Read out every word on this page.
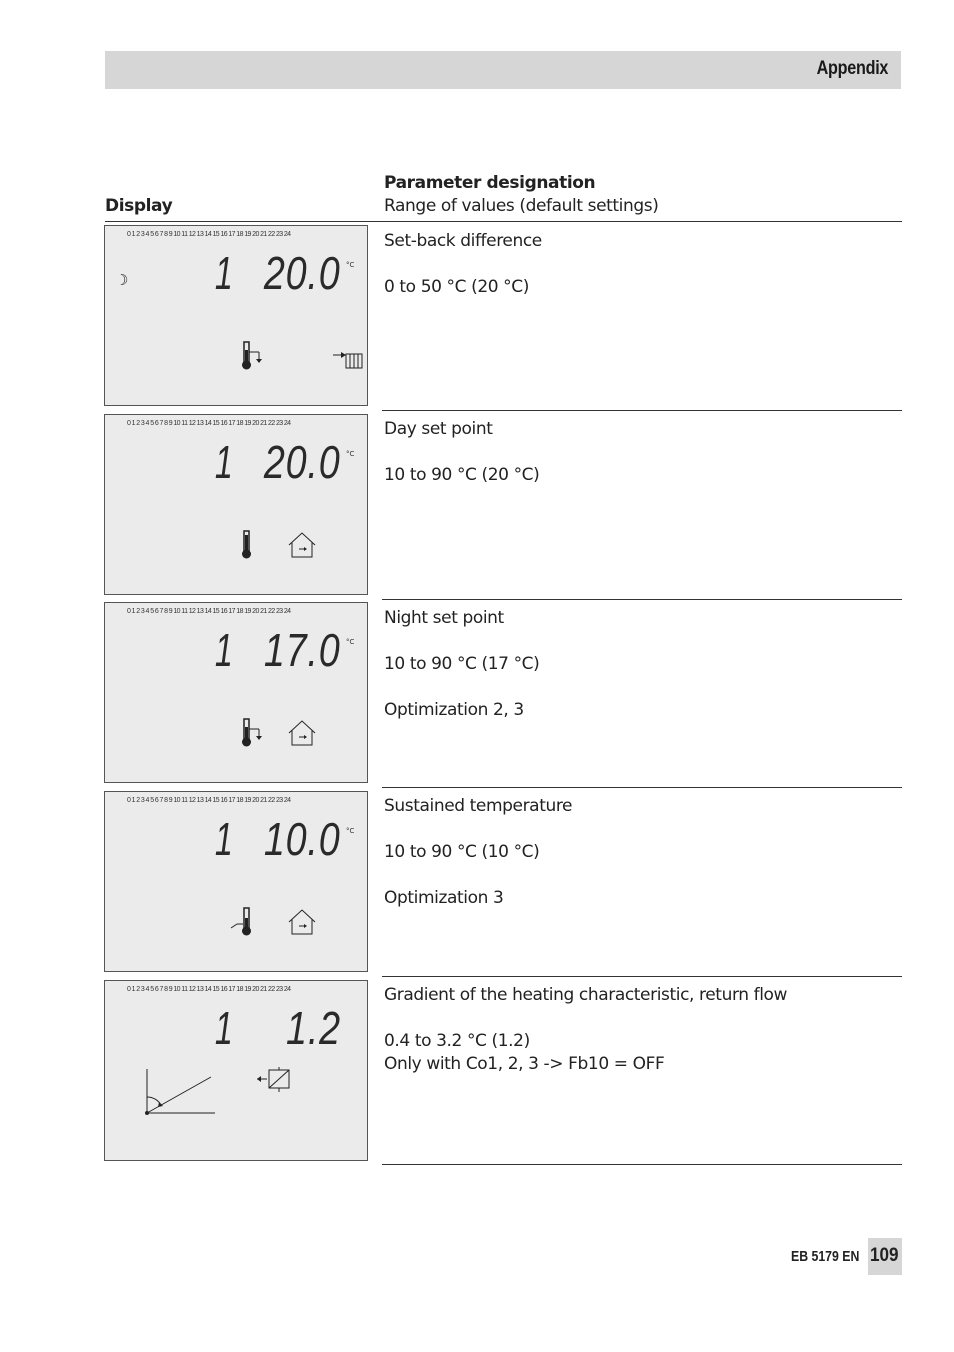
Appendix
Display
Parameter designation
Range of values (default settings)
0 1 2 3 4 5 6 7 8 9 10 11 12 13 14 15 16 17 18 19 20 21 22 23 24
☽ 1 20.0 °C
Set-back difference
0 to 50 °C (20 °C)
0 1 2 3 4 5 6 7 8 9 10 11 12 13 14 15 16 17 18 19 20 21 22 23 24
1 20.0 °C
Day set point
10 to 90 °C (20 °C)
0 1 2 3 4 5 6 7 8 9 10 11 12 13 14 15 16 17 18 19 20 21 22 23 24
1 17.0 °C
Night set point
10 to 90 °C (17 °C)
Optimization 2, 3
0 1 2 3 4 5 6 7 8 9 10 11 12 13 14 15 16 17 18 19 20 21 22 23 24
1 10.0 °C
Sustained temperature
10 to 90 °C (10 °C)
Optimization 3
0 1 2 3 4 5 6 7 8 9 10 11 12 13 14 15 16 17 18 19 20 21 22 23 24
1 1.2
Gradient of the heating characteristic, return flow
0.4 to 3.2 °C (1.2)
Only with Co1, 2, 3 -> Fb10 = OFF
EB 5179 EN 109
